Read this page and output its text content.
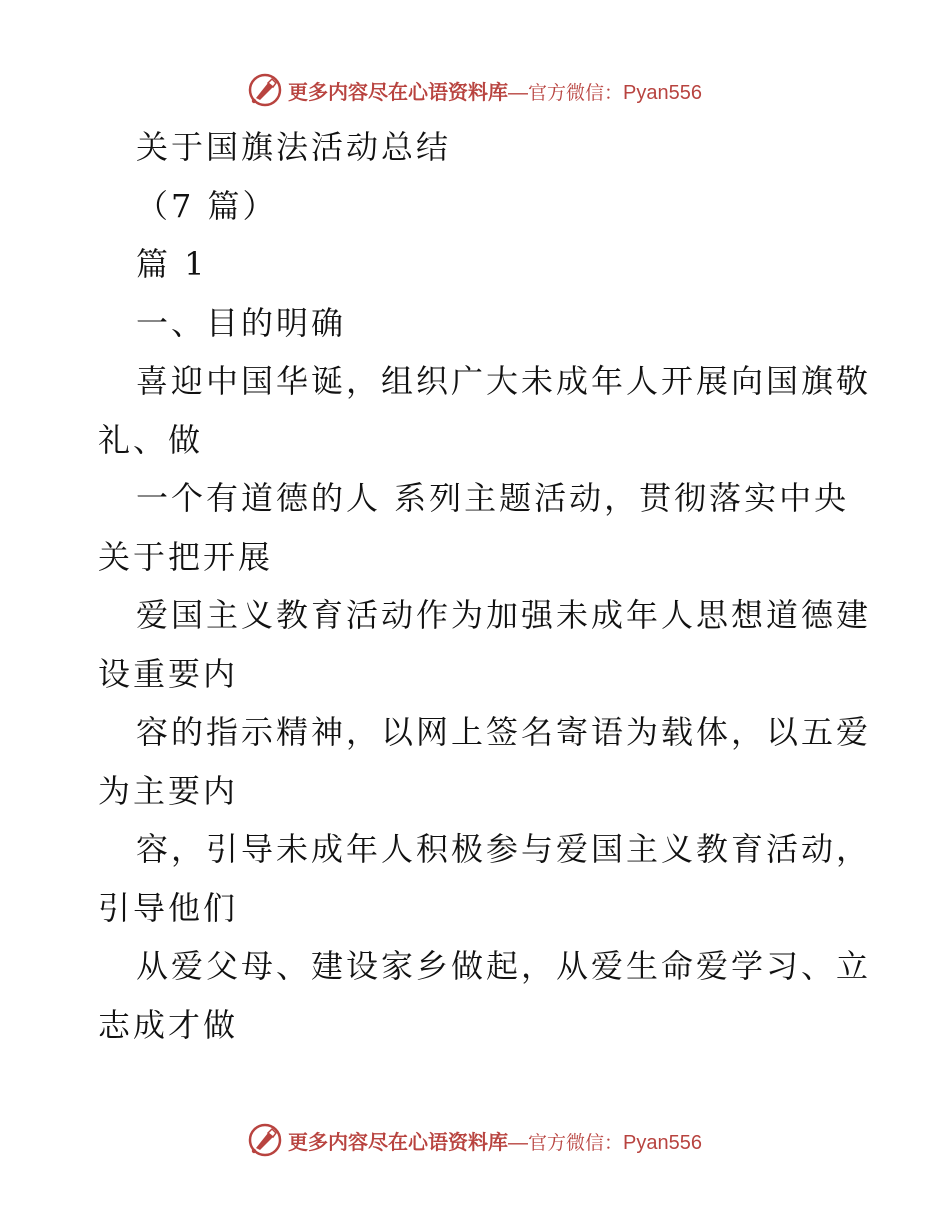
更多内容尽在心语资料库 — 官方微信： Pyan556
关于国旗法活动总结
（7 篇）
篇 1
一、目的明确
喜迎中国华诞，组织广大未成年人开展向国旗敬
礼、做
一个有道德的人 系列主题活动，贯彻落实中央
关于把开展
爱国主义教育活动作为加强未成年人思想道德建
设重要内
容的指示精神，以网上签名寄语为载体，以五爱
为主要内
容，引导未成年人积极参与爱国主义教育活动，
引导他们
从爱父母、建设家乡做起，从爱生命爱学习、立
志成才做
更多内容尽在心语资料库 — 官方微信： Pyan556
